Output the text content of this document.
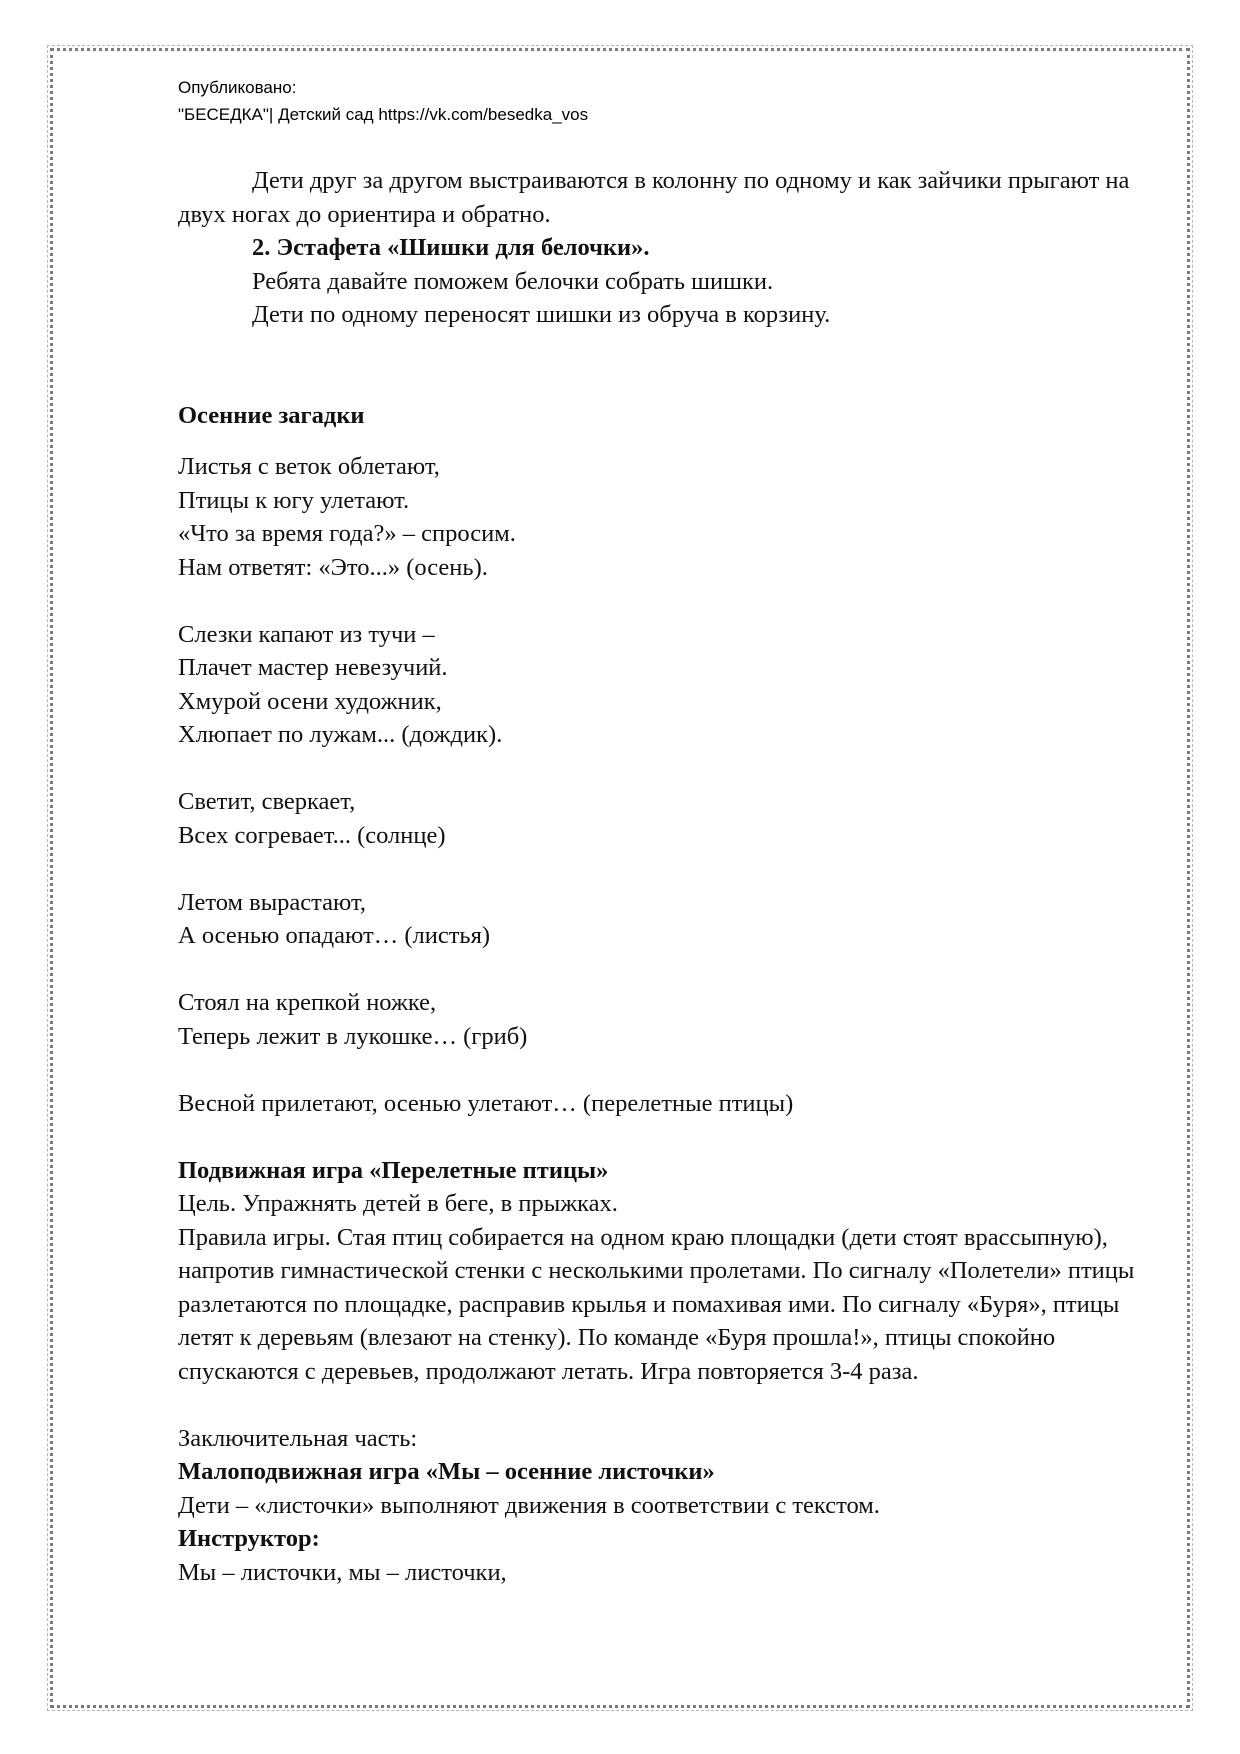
Опубликовано:
"БЕСЕДКА"| Детский сад https://vk.com/besedka_vos

Дети друг за другом выстраиваются в колонну по одному и как зайчики прыгают на двух ногах до ориентира и обратно.

2. Эстафета «Шишки для белочки».

Ребята давайте поможем белочки собрать шишки.

Дети по одному переносят шишки из обруча в корзину.

Осенние загадки

Листья с веток облетают,

Птицы к югу улетают.

«Что за время года?» – спросим.

Нам ответят: «Это...» (осень).

Слезки капают из тучи –

Плачет мастер невезучий.

Хмурой осени художник,

Хлюпает по лужам... (дождик).

Светит, сверкает,

Всех согревает... (солнце)

Летом вырастают,

А осенью опадают… (листья)

Стоял на крепкой ножке,

Теперь лежит в лукошке… (гриб)

Весной прилетают, осенью улетают… (перелетные птицы)

Подвижная игра «Перелетные птицы»

Цель. Упражнять детей в беге, в прыжках.

Правила игры. Стая птиц собирается на одном краю площадки (дети стоят врассыпную), напротив гимнастической стенки с несколькими пролетами. По сигналу «Полетели» птицы разлетаются по площадке, расправив крылья и помахивая ими. По сигналу «Буря», птицы летят к деревьям (влезают на стенку). По команде «Буря прошла!», птицы спокойно спускаются с деревьев, продолжают летать. Игра повторяется 3-4 раза.

Заключительная часть:

Малоподвижная игра «Мы – осенние листочки»

Дети – «листочки» выполняют движения в соответствии с текстом.

Инструктор:

Мы – листочки, мы – листочки,
